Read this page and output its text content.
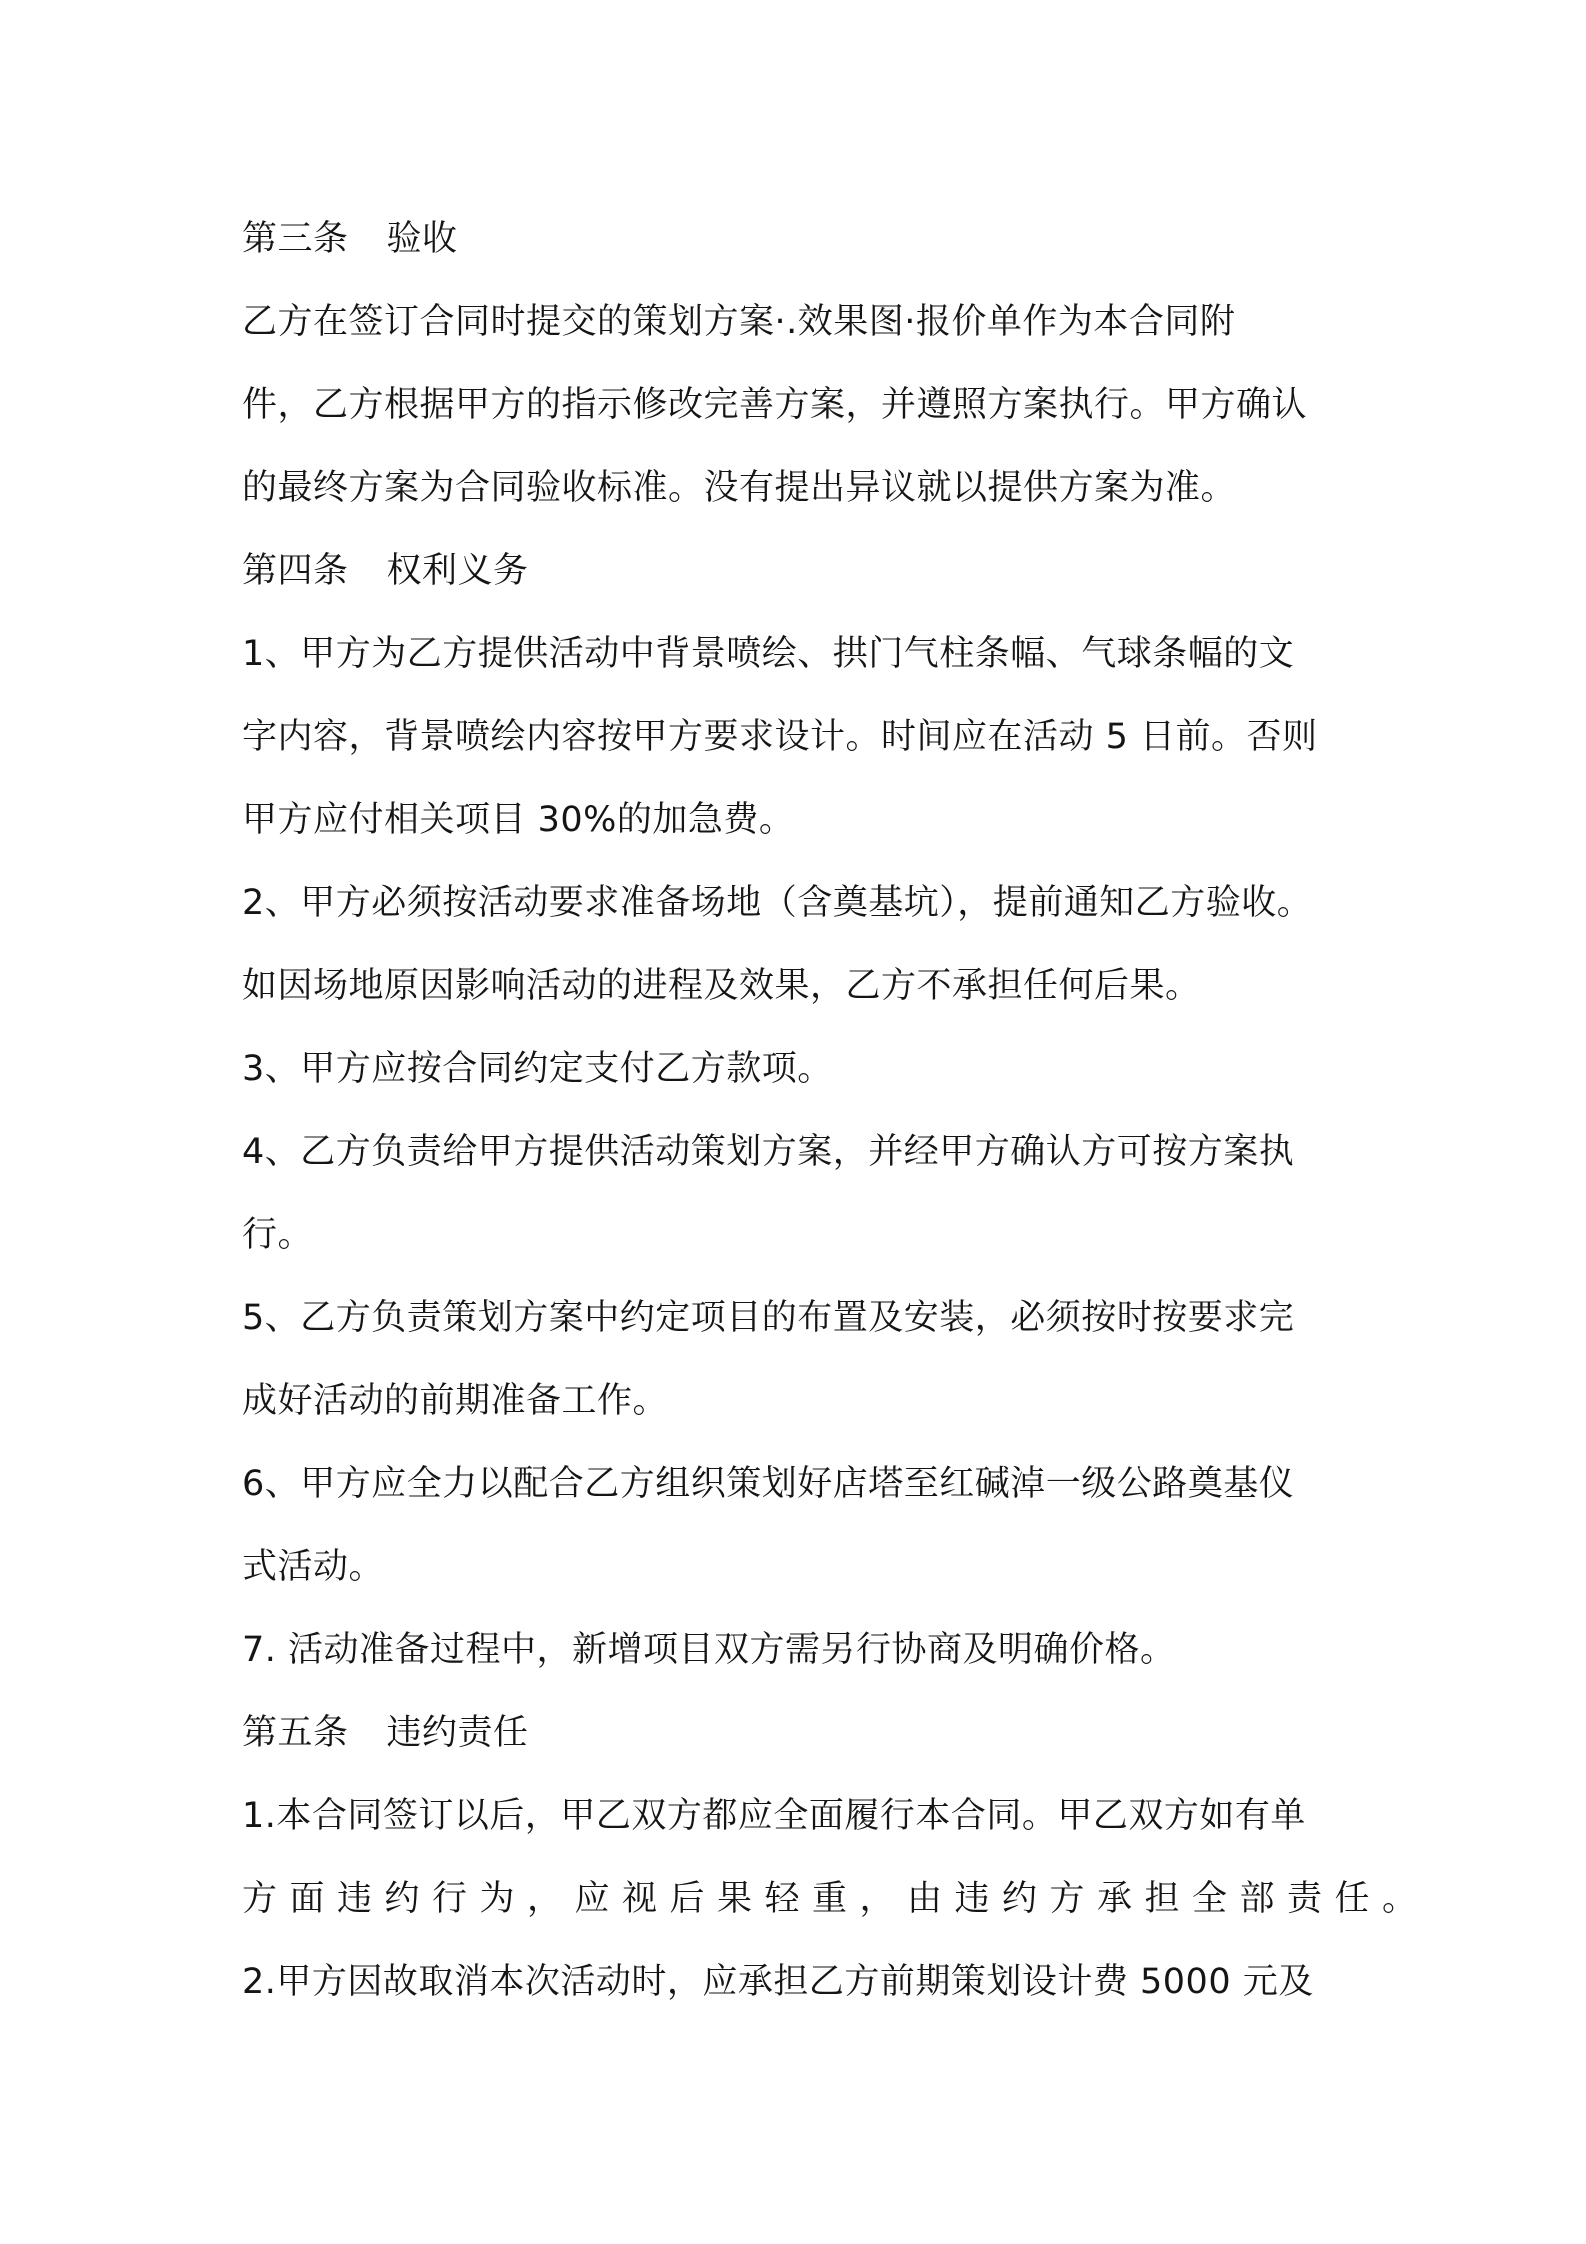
第三条 验收
乙方在签订合同时提交的策划方案·.效果图·报价单作为本合同附
件，乙方根据甲方的指示修改完善方案，并遵照方案执行。甲方确认
的最终方案为合同验收标准。没有提出异议就以提供方案为准。
第四条 权利义务
1、甲方为乙方提供活动中背景喷绘、拱门气柱条幅、气球条幅的文
字内容，背景喷绘内容按甲方要求设计。时间应在活动 5 日前。否则
甲方应付相关项目 30%的加急费。
2、甲方必须按活动要求准备场地（含奠基坑），提前通知乙方验收。
如因场地原因影响活动的进程及效果，乙方不承担任何后果。
3、甲方应按合同约定支付乙方款项。
4、乙方负责给甲方提供活动策划方案，并经甲方确认方可按方案执
行。
5、乙方负责策划方案中约定项目的布置及安装，必须按时按要求完
成好活动的前期准备工作。
6、甲方应全力以配合乙方组织策划好店塔至红碱淖一级公路奠基仪
式活动。
7. 活动准备过程中，新增项目双方需另行协商及明确价格。
第五条 违约责任
1.本合同签订以后，甲乙双方都应全面履行本合同。甲乙双方如有单
方面违约行为，应视后果轻重，由违约方承担全部责任。
2.甲方因故取消本次活动时，应承担乙方前期策划设计费 5000 元及
